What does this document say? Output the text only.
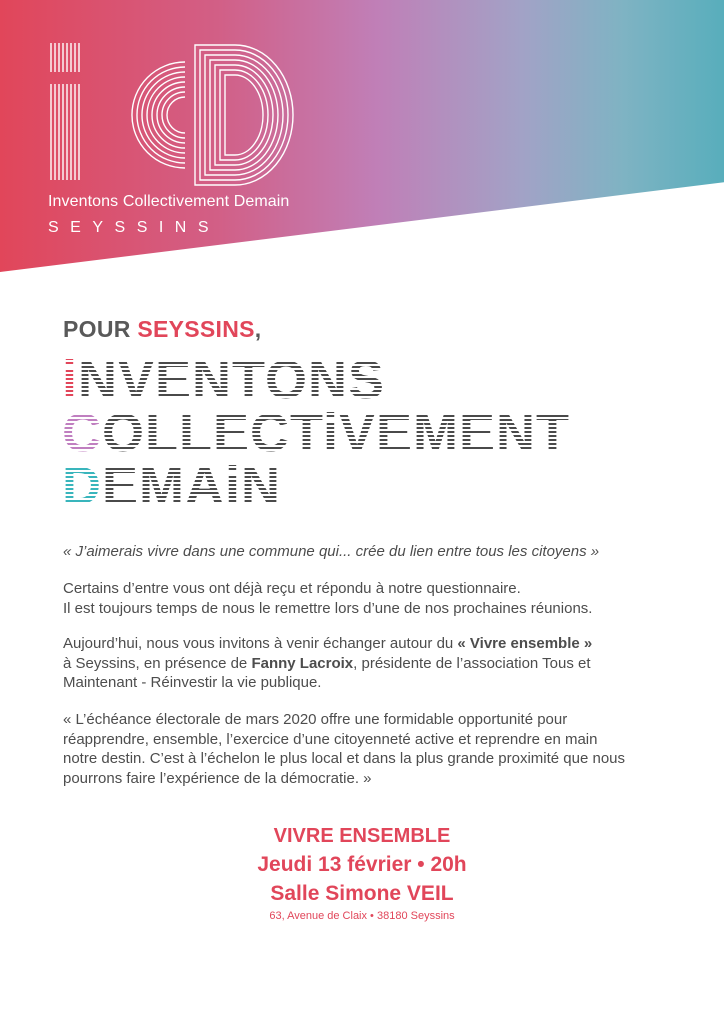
Inventons Collectivement Demain
SEYSSINS
POUR SEYSSINS,
iNVENTONS
COLLECTiVEMENT
DEMAiN
« J’aimerais vivre dans une commune qui... crée du lien entre tous les citoyens »
Certains d’entre vous ont déjà reçu et répondu à notre questionnaire.
Il est toujours temps de nous le remettre lors d’une de nos prochaines réunions.
Aujourd’hui, nous vous invitons à venir échanger autour du « Vivre ensemble »
à Seyssins, en présence de Fanny Lacroix, présidente de l’association Tous et
Maintenant - Réinvestir la vie publique.
« L’échéance électorale de mars 2020 offre une formidable opportunité pour
réapprendre, ensemble, l’exercice d’une citoyenneté active et reprendre en main
notre destin. C’est à l’échelon le plus local et dans la plus grande proximité que nous
pourrons faire l’expérience de la démocratie. »
VIVRE ENSEMBLE
Jeudi 13 février • 20h
Salle Simone VEIL
63, Avenue de Claix • 38180 Seyssins
